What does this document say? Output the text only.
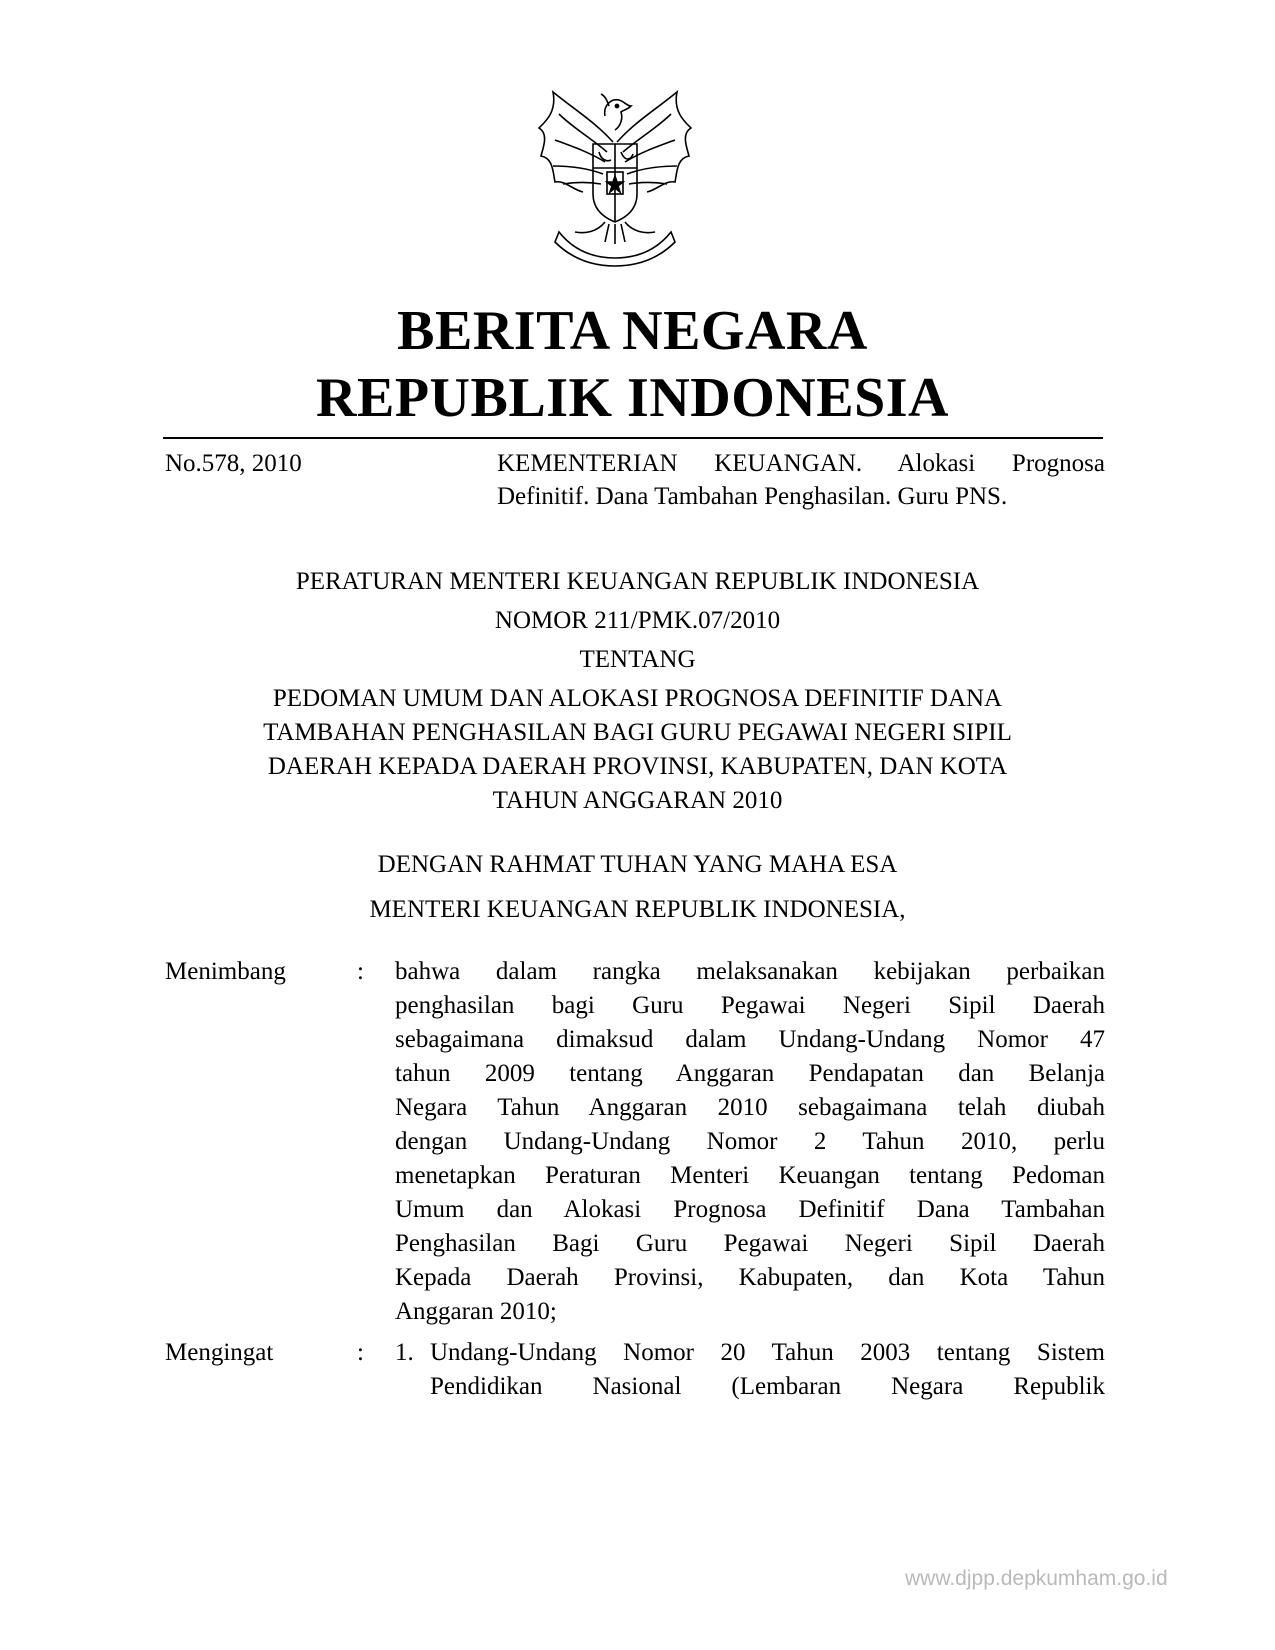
BERITA NEGARA
REPUBLIK INDONESIA
No.578, 2010	KEMENTERIAN KEUANGAN. Alokasi Prognosa Definitif. Dana Tambahan Penghasilan. Guru PNS.
PERATURAN MENTERI KEUANGAN REPUBLIK INDONESIA
NOMOR 211/PMK.07/2010
TENTANG
PEDOMAN UMUM DAN ALOKASI PROGNOSA DEFINITIF DANA
TAMBAHAN PENGHASILAN BAGI GURU PEGAWAI NEGERI SIPIL
DAERAH KEPADA DAERAH PROVINSI, KABUPATEN, DAN KOTA
TAHUN ANGGARAN 2010
DENGAN RAHMAT TUHAN YANG MAHA ESA
MENTERI KEUANGAN REPUBLIK INDONESIA,
Menimbang	: bahwa dalam rangka melaksanakan kebijakan perbaikan
penghasilan bagi Guru Pegawai Negeri Sipil Daerah
sebagaimana dimaksud dalam Undang-Undang Nomor 47
tahun 2009 tentang Anggaran Pendapatan dan Belanja
Negara Tahun Anggaran 2010 sebagaimana telah diubah
dengan Undang-Undang Nomor 2 Tahun 2010, perlu
menetapkan Peraturan Menteri Keuangan tentang Pedoman
Umum dan Alokasi Prognosa Definitif Dana Tambahan
Penghasilan Bagi Guru Pegawai Negeri Sipil Daerah
Kepada Daerah Provinsi, Kabupaten, dan Kota Tahun
Anggaran 2010;
Mengingat	: 1. Undang-Undang Nomor 20 Tahun 2003 tentang Sistem
Pendidikan Nasional (Lembaran Negara Republik
www.djpp.depkumham.go.id
